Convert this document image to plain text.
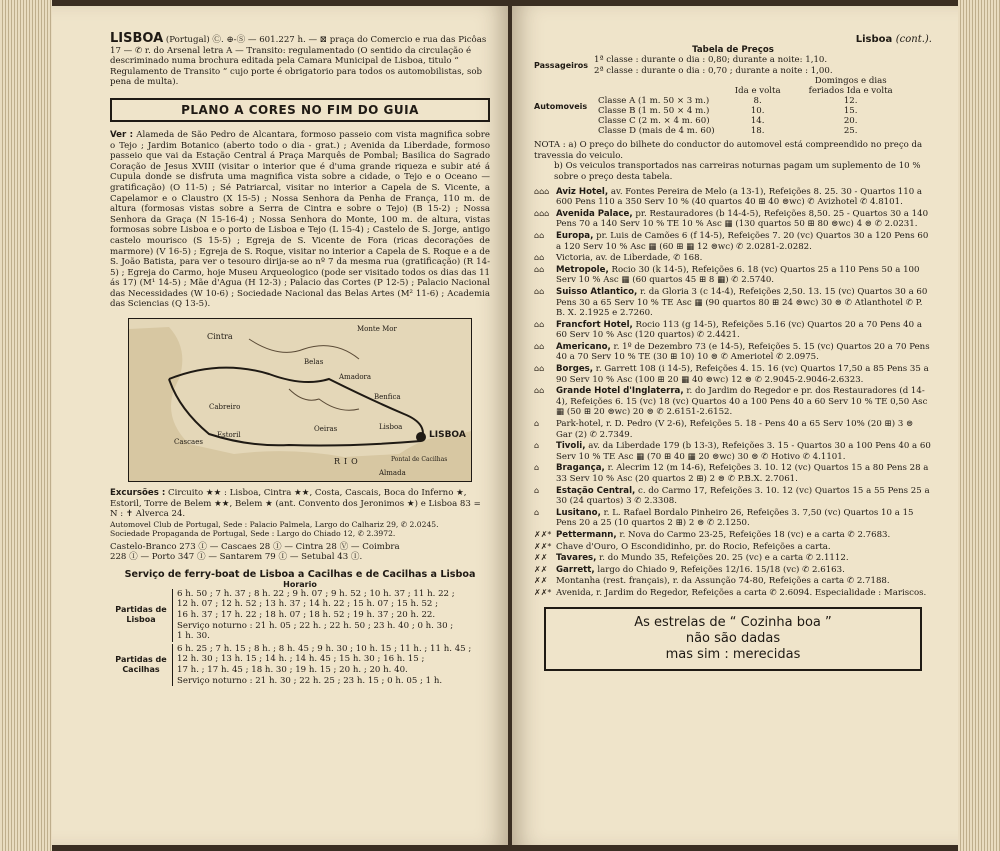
LISBOA (Portugal) Ⓒ. ⊕-Ⓢ — 601.227 h. — ⊠ praça do Comercio e rua das Picôas 17 — ✆ r. do Arsenal letra A — Transito: regulamentado (O sentido da circulação é descriminado numa brochura editada pela Camara Municipal de Lisboa, titulo “ Regulamento de Transito ” cujo porte é obrigatorio para todos os automobilistas, sob pena de multa).

PLANO A CORES NO FIM DO GUIA

Ver : Alameda de São Pedro de Alcantara, formoso passeio com vista magnifica sobre o Tejo ; Jardim Botanico (aberto todo o dia - grat.) ; Avenida da Liberdade, formoso passeio que vai da Estação Central á Praça Marquês de Pombal; Basilica do Sagrado Coração de Jesus XVIII (visitar o interior que é d'uma grande riqueza e subir até á Cupula donde se disfruta uma magnifica vista sobre a cidade, o Tejo e o Oceano — gratificação) (O 11-5) ; Sé Patriarcal, visitar no interior a Capela de S. Vicente, a Capelamor e o Claustro (X 15-5) ; Nossa Senhora da Penha de França, 110 m. de altura (formosas vistas sobre a Serra de Cintra e sobre o Tejo) (B 15-2) ; Nossa Senhora da Graça (N 15-16-4) ; Nossa Senhora do Monte, 100 m. de altura, vistas formosas sobre Lisboa e o porto de Lisboa e Tejo (L 15-4) ; Castelo de S. Jorge, antigo castelo mourisco (S 15-5) ; Egreja de S. Vicente de Fora (ricas decorações de marmore) (V 16-5) ; Egreja de S. Roque, visitar no interior a Capela de S. Roque e a de S. João Batista, para ver o tesouro dirija-se ao nº 7 da mesma rua (gratificação) (R 14-5) ; Egreja do Carmo, hoje Museu Arqueologico (pode ser visitado todos os dias das 11 ás 17) (M¹ 14-5) ; Mãe d'Agua (H 12-3) ; Palacio das Cortes (P 12-5) ; Palacio Nacional das Necessidades (W 10-6) ; Sociedade Nacional das Belas Artes (M² 11-6) ; Academia das Sciencias (Q 13-5).

LISBOA
Cintra
Monte Mor
Lisboa
Cascaes
Estoril
Cabreiro
Benfica
Oeiras
Amadora
Belas
RIO
Almada
Pontal de Cacilhas

Excursões : Circuito ★★ : Lisboa, Cintra ★★, Costa, Cascais, Boca do Inferno ★, Estoril, Torre de Belem ★★, Belem ★ (ant. Convento dos Jeronimos ★) e Lisboa 83 = N : ✝ Alverca 24.

Automovel Club de Portugal, Sede : Palacio Palmela, Largo do Calhariz 29, ✆ 2.0245.

Sociedade Propaganda de Portugal, Sede : Largo do Chiado 12, ✆ 2.3972.

Castelo-Branco 273 Ⓘ — Cascaes 28 Ⓘ — Cintra 28 Ⓥ — Coimbra

228 Ⓘ — Porto 347 Ⓘ — Santarem 79 Ⓘ — Setubal 43 Ⓘ.

Serviço de ferry-boat de Lisboa a Cacilhas e de Cacilhas a Lisboa
Horario
Partidas de Lisboa

6 h. 50 ; 7 h. 37 ; 8 h. 22 ; 9 h. 07 ; 9 h. 52 ; 10 h. 37 ; 11 h. 22 ;

12 h. 07 ; 12 h. 52 ; 13 h. 37 ; 14 h. 22 ; 15 h. 07 ; 15 h. 52 ;

16 h. 37 ; 17 h. 22 ; 18 h. 07 ; 18 h. 52 ; 19 h. 37 ; 20 h. 22.

Serviço noturno : 21 h. 05 ; 22 h. ; 22 h. 50 ; 23 h. 40 ; 0 h. 30 ;

1 h. 30.

Partidas de Cacilhas

6 h. 25 ; 7 h. 15 ; 8 h. ; 8 h. 45 ; 9 h. 30 ; 10 h. 15 ; 11 h. ; 11 h. 45 ;

12 h. 30 ; 13 h. 15 ; 14 h. ; 14 h. 45 ; 15 h. 30 ; 16 h. 15 ;

17 h. ; 17 h. 45 ; 18 h. 30 ; 19 h. 15 ; 20 h. ; 20 h. 40.

Serviço noturno : 21 h. 30 ; 22 h. 25 ; 23 h. 15 ; 0 h. 05 ; 1 h.

Lisboa (cont.).
Tabela de Preços
Passageiros

1ª classe : durante o dia : 0,80; durante a noite: 1,10.

2ª classe : durante o dia : 0,70 ; durante a noite : 1,00.

Automoveis
	Ida e volta	Domingos e dias feriados Ida e volta
Classe A (1 m. 50 × 3 m.)	8.	12.
Classe B (1 m. 50 × 4 m.)	10.	15.
Classe C (2 m. × 4 m. 60)	14.	20.
Classe D (mais de 4 m. 60)	18.	25.

NOTA : a) O preço do bilhete do conductor do automovel está compreendido no preço da travessia do veiculo.

b) Os veiculos transportados nas carreiras noturnas pagam um suplemento de 10 % sobre o preço desta tabela.

⌂⌂⌂ Aviz Hotel, av. Fontes Pereira de Melo (a 13-1), Refeições 8. 25. 30 - Quartos 110 a 600 Pens 110 a 350 Serv 10 % (40 quartos 40 ⊞ 40 ⊜wc) ✆ Avizhotel ✆ 4.8101.
⌂⌂⌂ Avenida Palace, pr. Restauradores (b 14-4-5), Refeições 8,50. 25 - Quartos 30 a 140 Pens 70 a 140 Serv 10 % TE 10 % Asc ▦ (130 quartos 50 ⊞ 80 ⊜wc) 4 ⊜ ✆ 2.0231.
⌂⌂	Europa, pr. Luis de Camões 6 (f 14-5), Refeições 7. 20 (vc) Quartos 30 a 120 Pens 60 a 120 Serv 10 % Asc ▦ (60 ⊞ ▦ 12 ⊜wc) ✆ 2.0281-2.0282.
⌂⌂	Victoria, av. de Liberdade, ✆ 168.
⌂⌂	Metropole, Rocio 30 (k 14-5), Refeições 6. 18 (vc) Quartos 25 a 110 Pens 50 a 100 Serv 10 % Asc ▦ (60 quartos 45 ⊞ 8 ▦) ✆ 2.5740.
⌂⌂	Suisso Atlantico, r. da Gloria 3 (c 14-4), Refeições 2,50. 13. 15 (vc) Quartos 30 a 60 Pens 30 a 65 Serv 10 % TE Asc ▦ (90 quartos 80 ⊞ 24 ⊜wc) 30 ⊜ ✆ Atlanthotel ✆ P. B. X. 2.1925 e 2.7260.
⌂⌂	Francfort Hotel, Rocio 113 (g 14-5), Refeições 5.16 (vc) Quartos 20 a 70 Pens 40 a 60 Serv 10 % Asc (120 quartos) ✆ 2.4421.
⌂⌂	Americano, r. 1º de Dezembro 73 (e 14-5), Refeições 5. 15 (vc) Quartos 20 a 70 Pens 40 a 70 Serv 10 % TE (30 ⊞ 10) 10 ⊜ ✆ Ameriotel ✆ 2.0975.
⌂⌂	Borges, r. Garrett 108 (i 14-5), Refeições 4. 15. 16 (vc) Quartos 17,50 a 85 Pens 35 a 90 Serv 10 % Asc (100 ⊞ 20 ▦ 40 ⊜wc) 12 ⊜ ✆ 2.9045-2.9046-2.6323.
⌂⌂	Grande Hotel d'Inglaterra, r. do Jardim do Regedor e pr. dos Restauradores (d 14-4), Refeições 6. 15 (vc) 18 (vc) Quartos 40 a 100 Pens 40 a 60 Serv 10 % TE 0,50 Asc ▦ (50 ⊞ 20 ⊜wc) 20 ⊜ ✆ 2.6151-2.6152.
⌂	Park-hotel, r. D. Pedro (V 2-6), Refeições 5. 18 - Pens 40 a 65 Serv 10% (20 ⊞) 3 ⊜ Gar (2) ✆ 2.7349.
⌂	Tivoli, av. da Liberdade 179 (b 13-3), Refeições 3. 15 - Quartos 30 a 100 Pens 40 a 60 Serv 10 % TE Asc ▦ (70 ⊞ 40 ▦ 20 ⊜wc) 30 ⊜ ✆ Hotivo ✆ 4.1101.
⌂	Bragança, r. Alecrim 12 (m 14-6), Refeições 3. 10. 12 (vc) Quartos 15 a 80 Pens 28 a 33 Serv 10 % Asc (20 quartos 2 ⊞) 2 ⊜ ✆ P.B.X. 2.7061.
⌂	Estação Central, c. do Carmo 17, Refeições 3. 10. 12 (vc) Quartos 15 a 55 Pens 25 a 30 (24 quartos) 3 ✆ 2.3308.
⌂	Lusitano, r. L. Rafael Bordalo Pinheiro 26, Refeições 3. 7,50 (vc) Quartos 10 a 15 Pens 20 a 25 (10 quartos 2 ⊞) 2 ⊜ ✆ 2.1250.
✗✗* Pettermann, r. Nova do Carmo 23-25, Refeições 18 (vc) e a carta ✆ 2.7683.
✗✗* Chave d'Ouro, O Escondidinho, pr. do Rocio, Refeições a carta.
✗✗ Tavares, r. do Mundo 35, Refeições 20. 25 (vc) e a carta ✆ 2.1112.
✗✗ Garrett, largo do Chiado 9, Refeições 12/16. 15/18 (vc) ✆ 2.6163.
✗✗ Montanha (rest. français), r. da Assunção 74-80, Refeições a carta ✆ 2.7188.
✗✗* Avenida, r. Jardim do Regedor, Refeições a carta ✆ 2.6094. Especialidade : Mariscos.
As estrelas de “ Cozinha boa ”
não são dadas
mas sim : merecidas
